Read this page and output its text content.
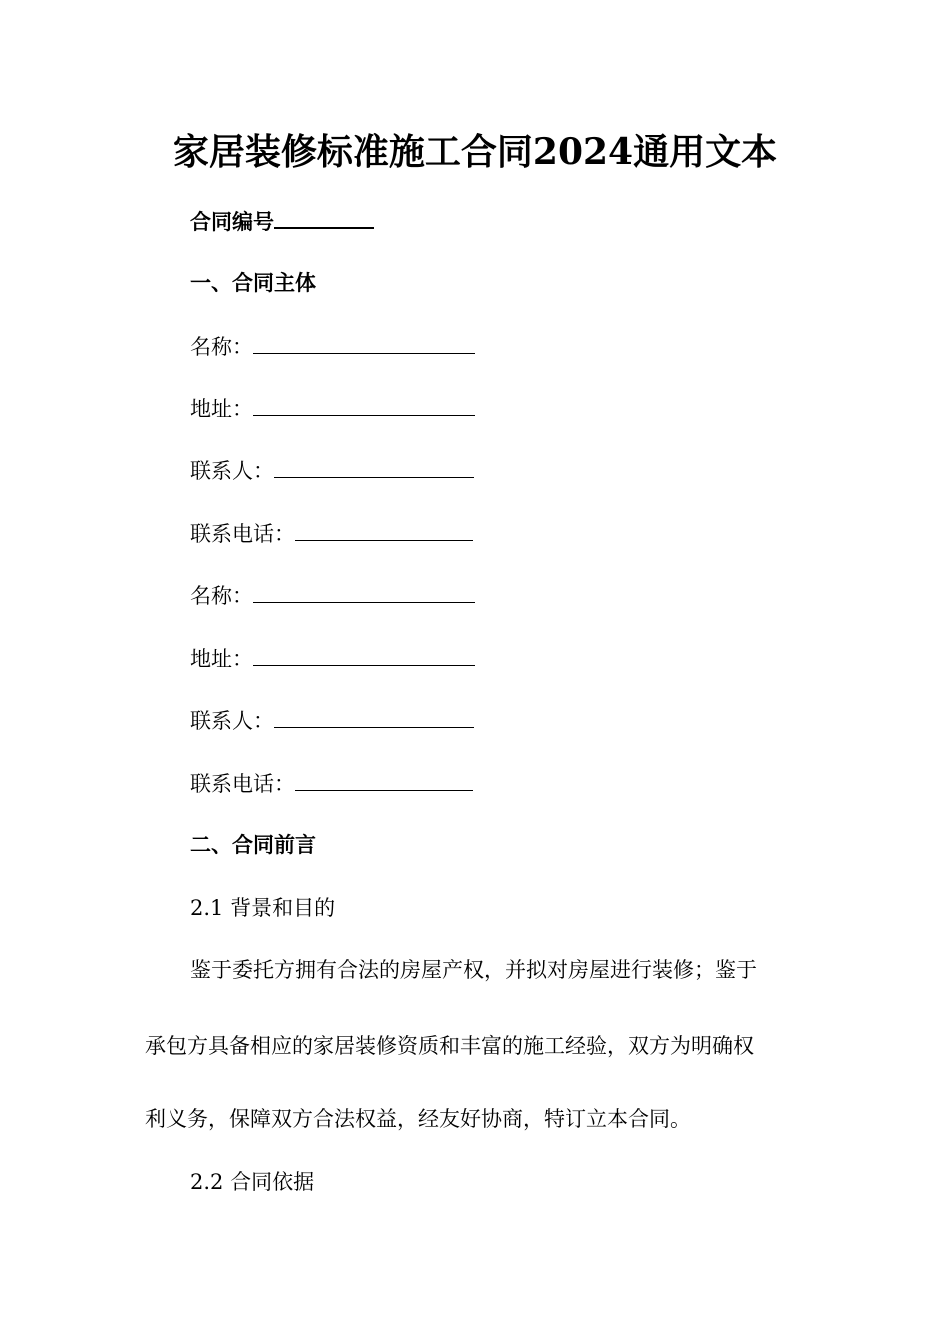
家居装修标准施工合同2024通用文本
合同编号
一、合同主体
名称：
地址：
联系人：
联系电话：
名称：
地址：
联系人：
联系电话：
二、合同前言
2.1 背景和目的
鉴于委托方拥有合法的房屋产权，并拟对房屋进行装修；鉴于
承包方具备相应的家居装修资质和丰富的施工经验，双方为明确权
利义务，保障双方合法权益，经友好协商，特订立本合同。
2.2 合同依据
